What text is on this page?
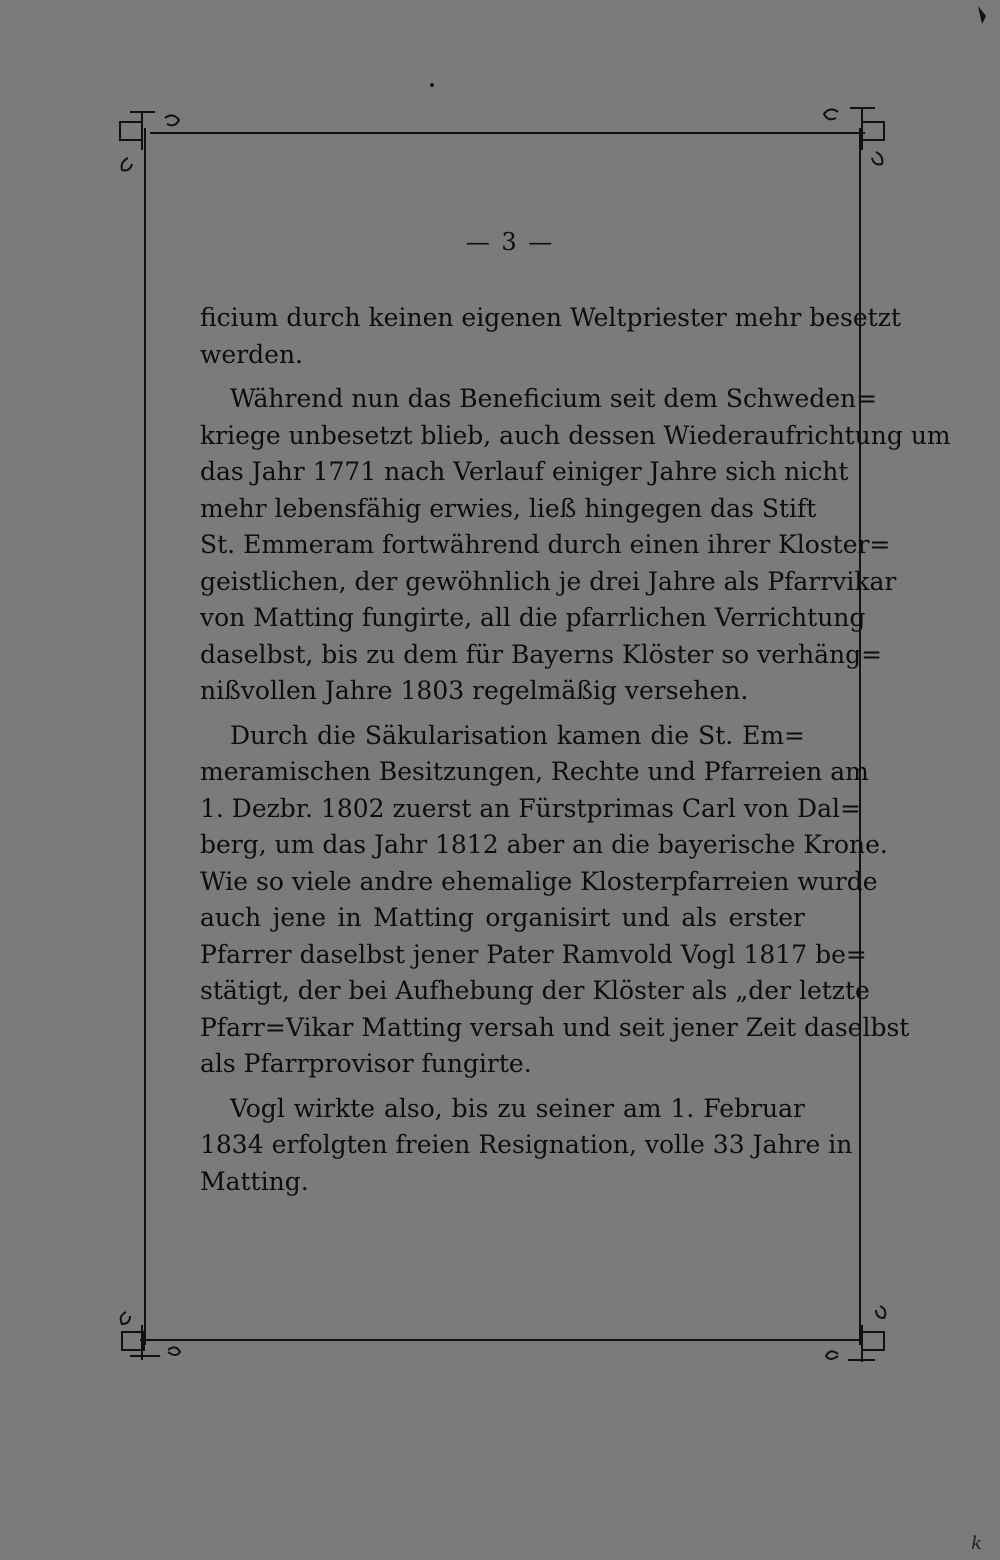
— 3 —
ficium durch keinen eigenen Weltpriester mehr besetzt
werden.
Während nun das Beneficium seit dem Schweden=
kriege unbesetzt blieb, auch dessen Wiederaufrichtung um
das Jahr 1771 nach Verlauf einiger Jahre sich nicht
mehr lebensfähig erwies, ließ hingegen das Stift
St. Emmeram fortwährend durch einen ihrer Kloster=
geistlichen, der gewöhnlich je drei Jahre als Pfarrvikar
von Matting fungirte, all die pfarrlichen Verrichtung
daselbst, bis zu dem für Bayerns Klöster so verhäng=
nißvollen Jahre 1803 regelmäßig versehen.
Durch die Säkularisation kamen die St. Em=
meramischen Besitzungen, Rechte und Pfarreien am
1. Dezbr. 1802 zuerst an Fürstprimas Carl von Dal=
berg, um das Jahr 1812 aber an die bayerische Krone.
Wie so viele andre ehemalige Klosterpfarreien wurde
auch jene in Matting organisirt und als erster
Pfarrer daselbst jener Pater Ramvold Vogl 1817 be=
stätigt, der bei Aufhebung der Klöster als „der letzte
Pfarr=Vikar Matting versah und seit jener Zeit daselbst
als Pfarrprovisor fungirte.
Vogl wirkte also, bis zu seiner am 1. Februar
1834 erfolgten freien Resignation, volle 33 Jahre in
Matting.
k
